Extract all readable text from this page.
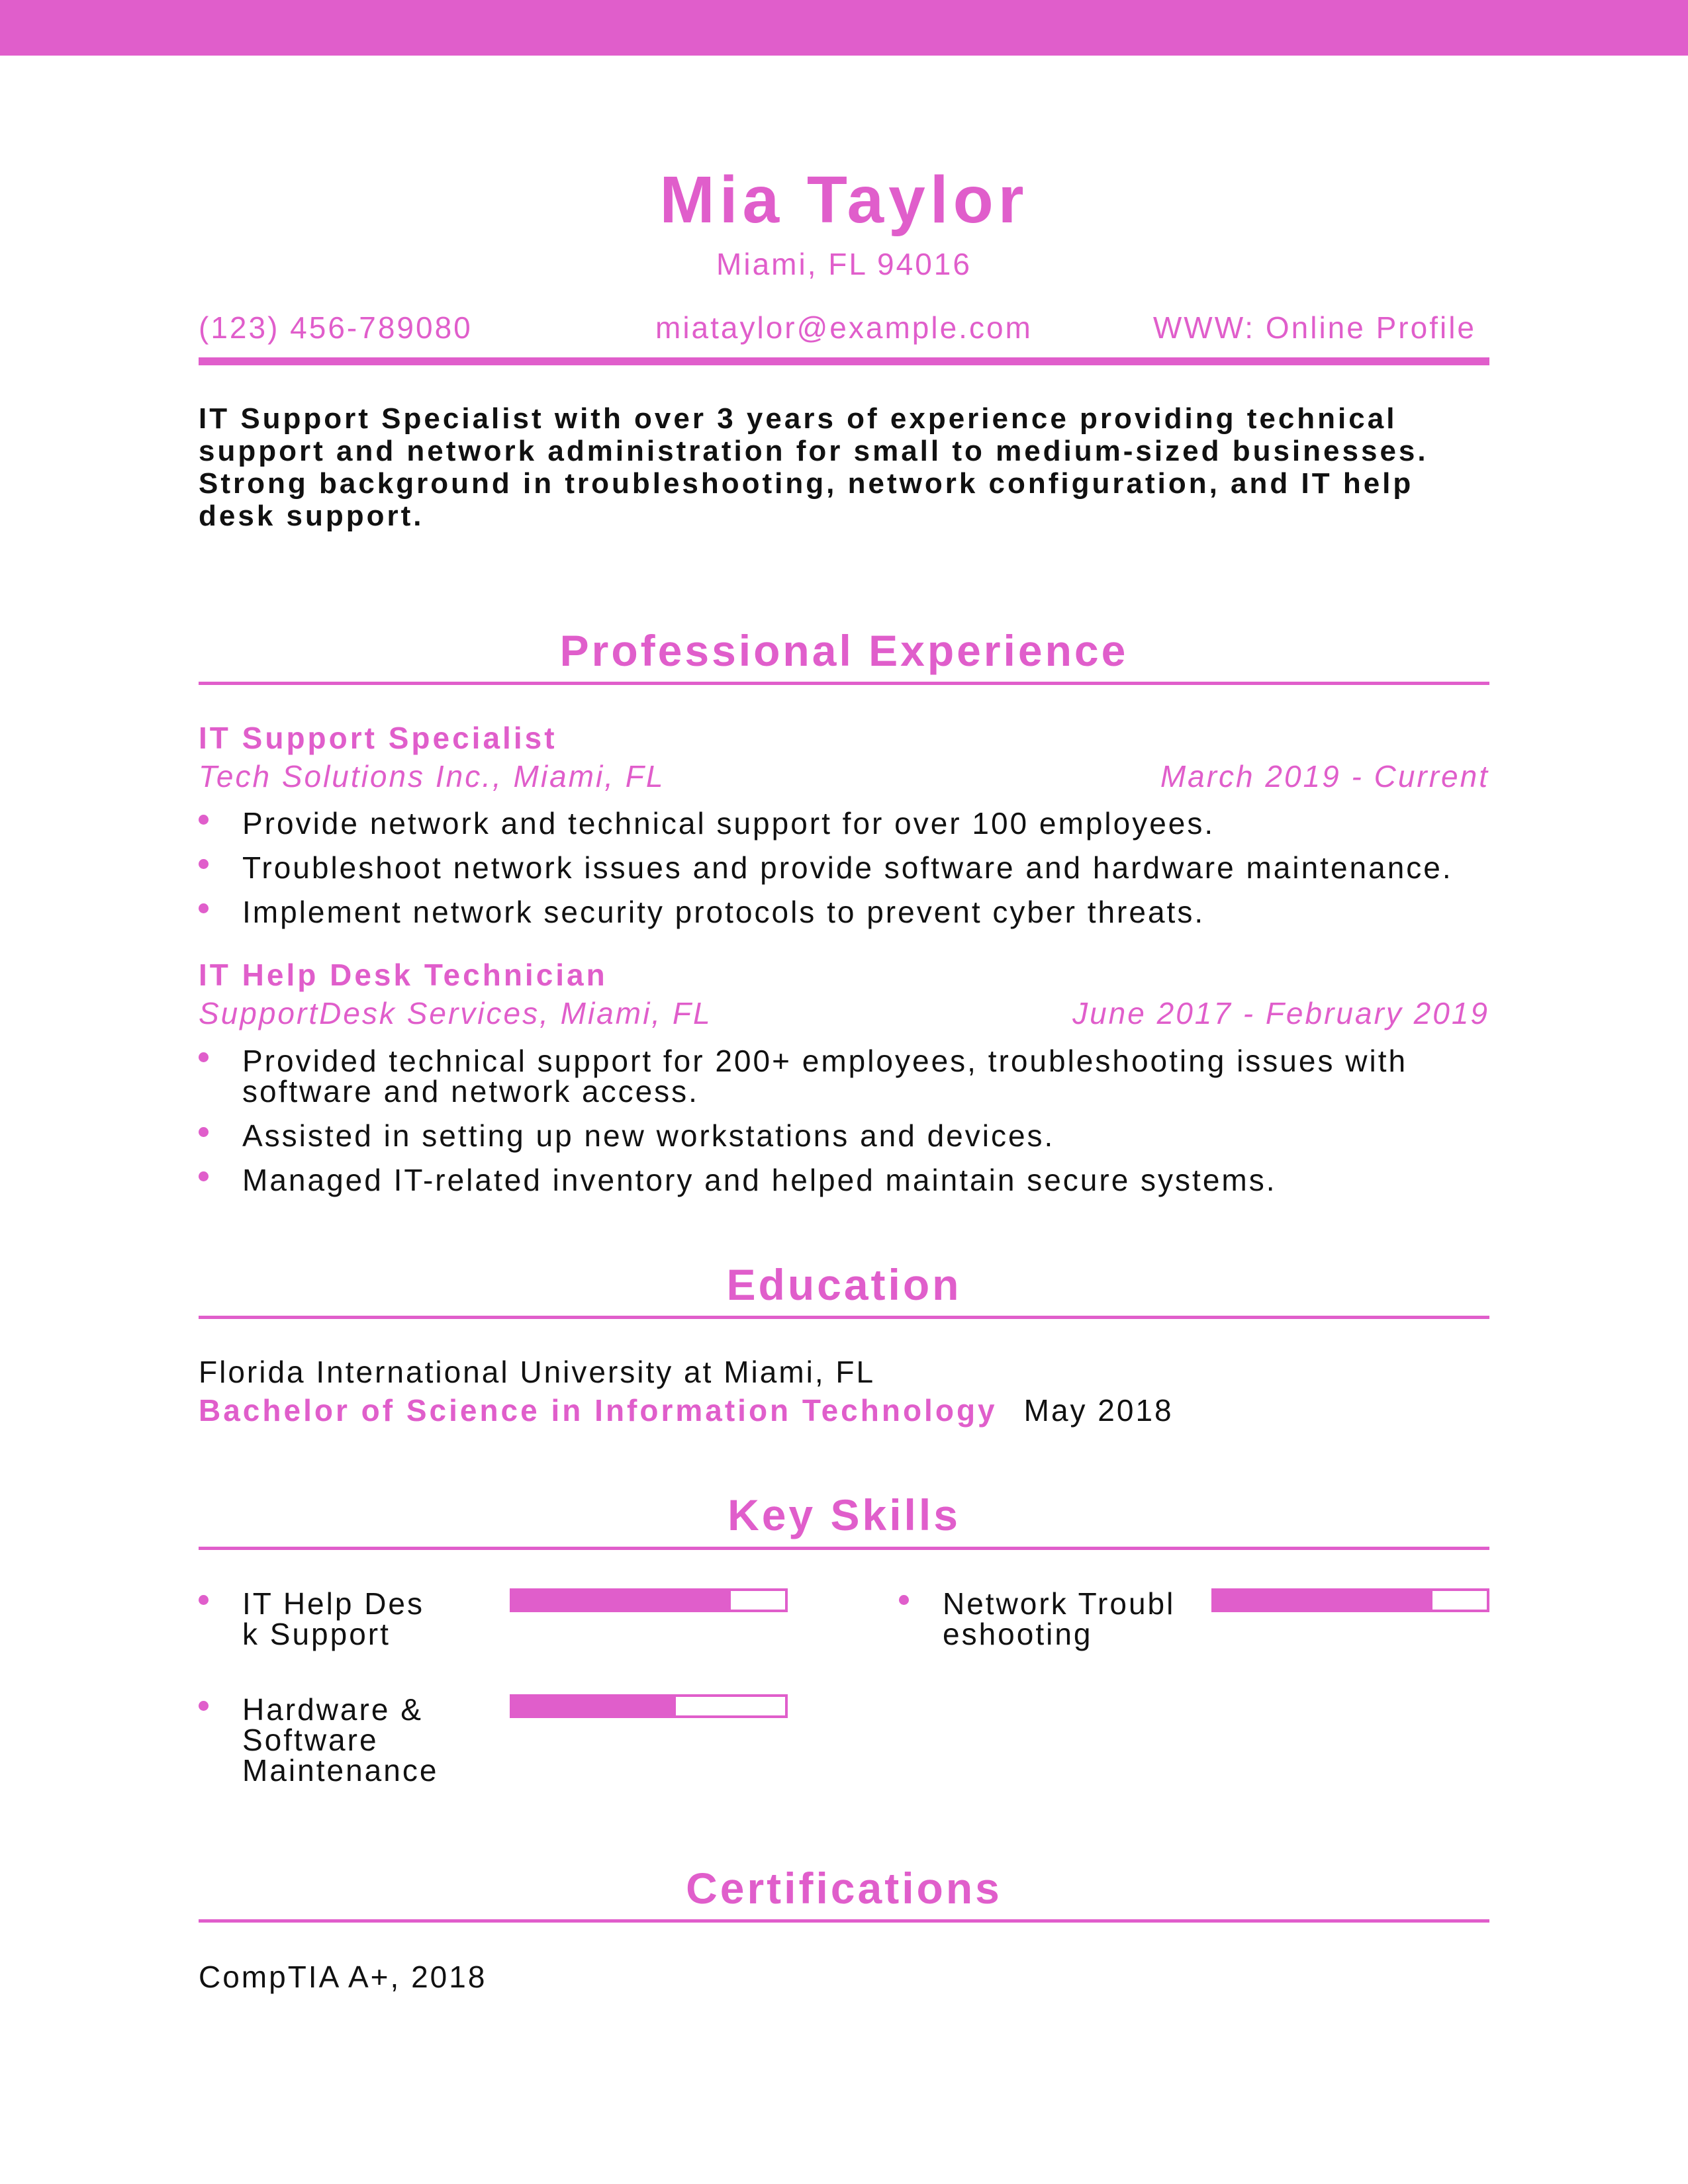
Mia Taylor
Miami, FL 94016
(123) 456-789080	miataylor@example.com	WWW: Online Profile
IT Support Specialist with over 3 years of experience providing technical support and network administration for small to medium-sized businesses. Strong background in troubleshooting, network configuration, and IT help desk support.
Professional Experience
IT Support Specialist
Tech Solutions Inc., Miami, FL	March 2019 - Current
Provide network and technical support for over 100 employees.
Troubleshoot network issues and provide software and hardware maintenance.
Implement network security protocols to prevent cyber threats.
IT Help Desk Technician
SupportDesk Services, Miami, FL	June 2017 - February 2019
Provided technical support for 200+ employees, troubleshooting issues with software and network access.
Assisted in setting up new workstations and devices.
Managed IT-related inventory and helped maintain secure systems.
Education
Florida International University at Miami, FL
Bachelor of Science in Information Technology May 2018
Key Skills
IT Help Desk Support
Network Troubleshooting
Hardware & Software Maintenance
Certifications
CompTIA A+, 2018
